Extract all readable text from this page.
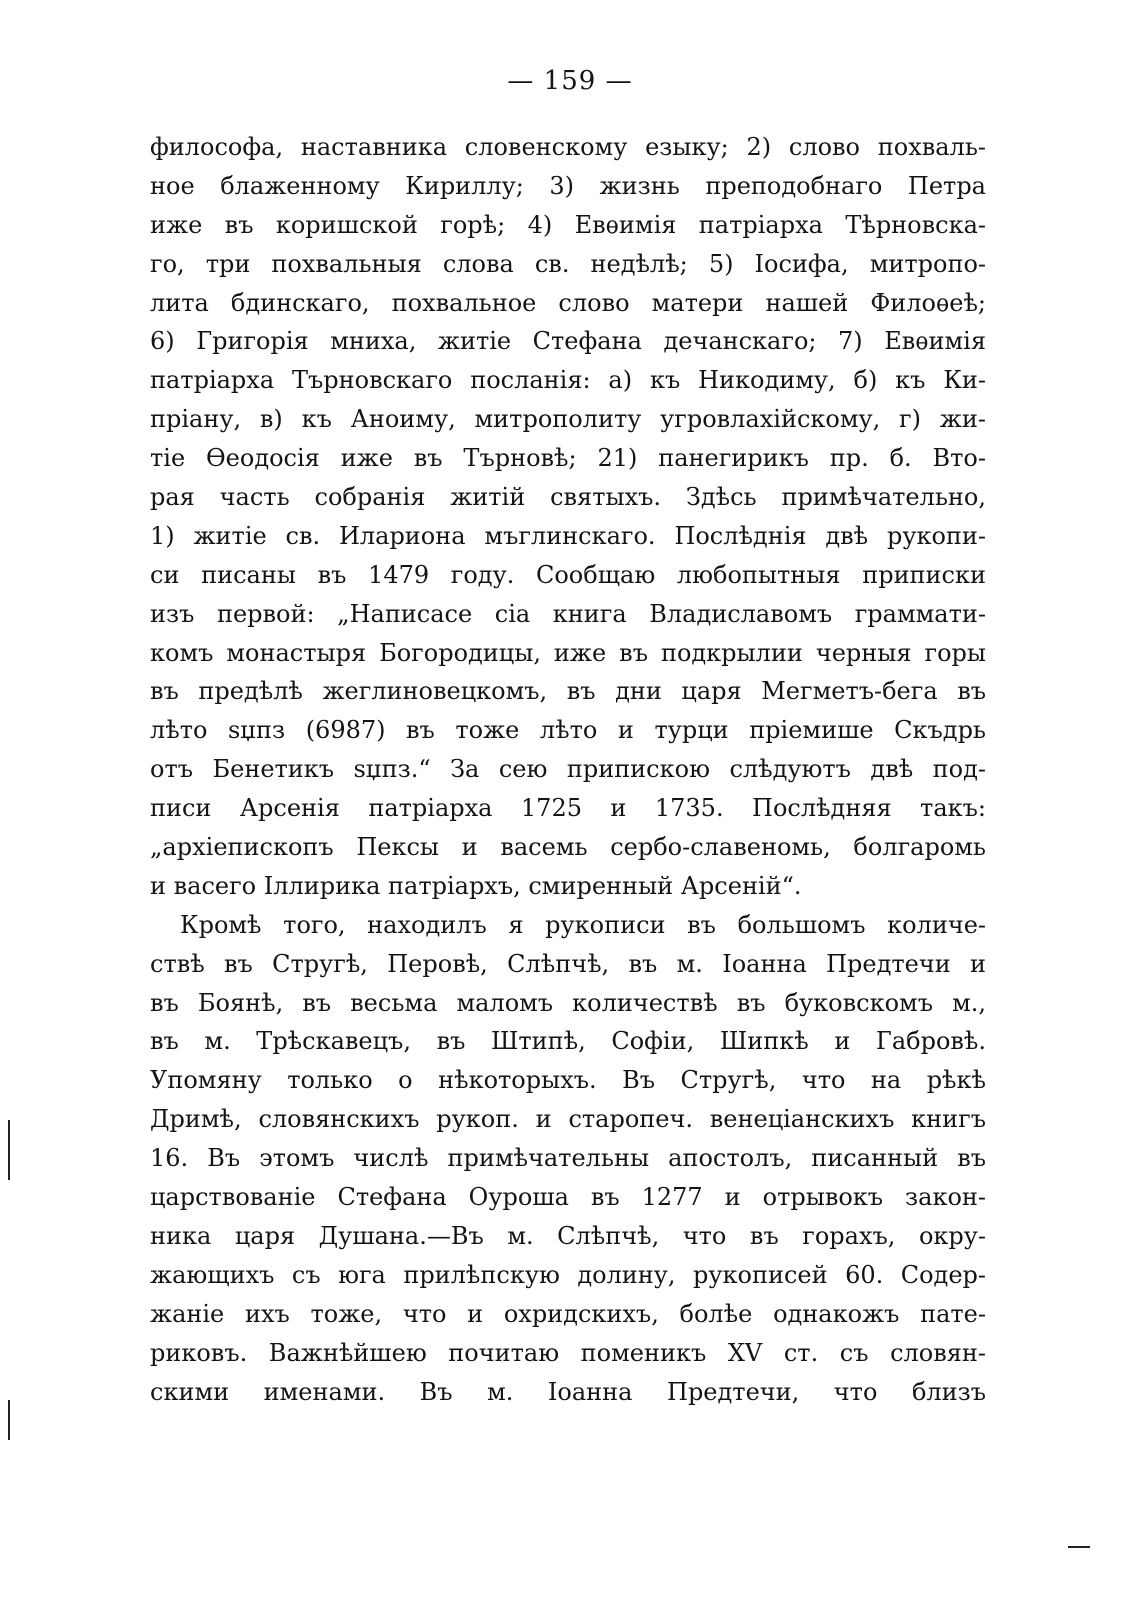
— 159 —
философа, наставника словенскому езыку; 2) слово похваль-
ное блаженному Кириллу; 3) жизнь преподобнаго Петра
иже въ коришской горѣ; 4) Евѳимія патріарха Тѣрновска-
го, три похвальныя слова св. недѣлѣ; 5) Іосифа, митропо-
лита бдинскаго, похвальное слово матери нашей Филоѳеѣ;
6) Григорія мниха, житіе Стефана дечанскаго; 7) Евѳимія
патріарха Търновскаго посланія: а) къ Никодиму, б) къ Ки-
пріану, в) къ Аноиму, митрополиту угровлахійскому, г) жи-
тіе Ѳеодосія иже въ Търновѣ; 21) панегирикъ пр. б. Вто-
рая часть собранія житій святыхъ. Здѣсь примѣчательно,
1) житіе св. Илариона мъглинскаго. Послѣднія двѣ рукопи-
си писаны въ 1479 году. Сообщаю любопытныя приписки
изъ первой: „Написасе сіа книга Владиславомъ граммати-
комъ монастыря Богородицы, иже въ подкрылии черныя горы
въ предѣлѣ жеглиновецкомъ, въ дни царя Мегметъ-бега въ
лѣто ѕџпз (6987) въ тоже лѣто и турци пріемише Скъдрь
отъ Бенетикъ ѕџпз.“ За сею припискою слѣдуютъ двѣ под-
писи Арсенія патріарха 1725 и 1735. Послѣдняя такъ:
„архіепископъ Пексы и васемь сербо-славеномь, болгаромь
и васего Іллирика патріархъ, смиренный Арсеній“.
Кромѣ того, находилъ я рукописи въ большомъ количе-
ствѣ въ Стругѣ, Перовѣ, Слѣпчѣ, въ м. Іоанна Предтечи и
въ Боянѣ, въ весьма маломъ количествѣ въ буковскомъ м.,
въ м. Трѣскавецъ, въ Штипѣ, Софіи, Шипкѣ и Габровѣ.
Упомяну только о нѣкоторыхъ. Въ Стругѣ, что на рѣкѣ
Дримѣ, словянскихъ рукоп. и старопеч. венеціанскихъ книгъ
16. Въ этомъ числѣ примѣчательны апостолъ, писанный въ
царствованіе Стефана Оуроша въ 1277 и отрывокъ закон-
ника царя Душана.—Въ м. Слѣпчѣ, что въ горахъ, окру-
жающихъ съ юга прилѣпскую долину, рукописей 60. Содер-
жаніе ихъ тоже, что и охридскихъ, болѣе однакожъ пате-
риковъ. Важнѣйшею почитаю поменикъ XV ст. съ словян-
скими именами. Въ м. Іоанна Предтечи, что близъ
